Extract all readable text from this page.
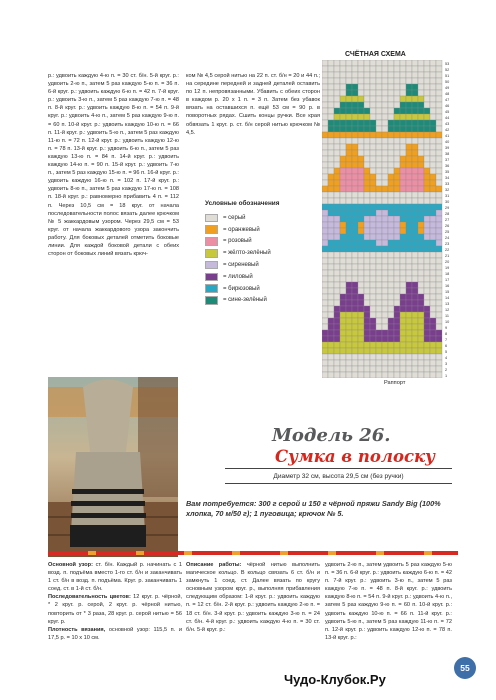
р.: удвоить каждую 4-ю п. = 30 ст. б/н. 5-й круг. р.: удвоить 2-ю п., затем 5 раз каждую 5-ю п. = 36 п. 6-й круг. р.: удвоить каждую 6-ю п. = 42 п. 7-й круг. р.: удвоить 3-ю п., затем 5 раз каждую 7-ю п. = 48 п. 8-й круг. р.: удвоить каждую 8-ю п. = 54 п. 9-й круг. р.: удвоить 4-ю п., затем 5 раз каждую 9-ю п. = 60 п. 10-й круг. р.: удвоить каждую 10-ю п. = 66 п. 11-й круг. р.: удвоить 5-ю п., затем 5 раз каждую 11-ю п. = 72 п. 12-й круг. р.: удвоить каждую 12-ю п. = 78 п. 13-й круг. р.: удвоить 6-ю п., затем 5 раз каждую 13-ю п. = 84 п. 14-й круг. р.: удвоить каждую 14-ю п. = 90 п. 15-й круг. р.: удвоить 7-ю п., затем 5 раз каждую 15-ю п. = 96 п. 16-й круг. р.: удвоить каждую 16-ю п. = 102 п. 17-й круг. р.: удвоить 8-ю п., затем 5 раз каждую 17-ю п. = 108 п. 18-й круг. р.: равномерно прибавить 4 п. = 112 п. Через 10,5 см = 18 круг. от начала последовательности полос вязать далее крючком № 5 жаккардовым узором. Через 29,5 см = 53 круг. от начала жаккардового узора закончить работу. Для боковых деталей отметить боковые линии. Для каждой боковой детали с обеих сторон от боковых линий вязать крюч-

ком № 4,5 серой нитью на 22 п. ст. б/н = 20 и 44 п.; на середине передней и задней деталей оставить по 12 п. непровязанными. Убавить с обеих сторон в каждом р. 20 х 1 п. = 3 п. Затем без убавок вязать на оставшихся п. ещё 53 см = 90 р. в поворотных рядах. Сшить концы ручки. Все края обвязать 1 круг. р. ст. б/н серой нитью крючком № 4,5.

СЧЁТНАЯ СХЕМА
53
52
51
50
49
48
47
46
45
44
43
42
41
40
39
38
37
36
35
34
33
32
31
30
29
28
27
26
25
24
23
22
21
20
19
18
17
16
15
14
13
12
11
10
9
8
7
6
5
4
3
2
1
Условные обозначения
= серый
= оранжевый
= розовый
= жёлто-зелёный
= сиреневый
= лиловый
= бирюзовый
= сине-зелёный
Раппорт
Модель 26.
Сумка в полоску
Диаметр 32 см, высота 29,5 см (без ручки)
Вам потребуется: 300 г серой и 150 г чёрной пряжи Sandy Big (100% хлопка, 70 м/50 г); 1 пуговица; крючок № 5.

Основной узор: ст. б/н. Каждый р. начинать с 1 возд. п. подъёма вместо 1-го ст. б/н и заканчивать 1 ст. б/н в возд. п. подъёма. Круг. р. заканчивать 1 соед. ст. в 1-й ст. б/н.

Последовательность цветов: 12 круг. р. чёрной, * 2 круг. р. серой, 2 круг. р. чёрной нитью, повторить от * 3 раза, 28 круг. р. серой нитью = 56 круг. р.

Плотность вязания, основной узор: 115,5 п. и 17,5 р. = 10 х 10 см.

Описание работы: чёрной нитью выполнить магическое кольцо. В кольцо связать 6 ст. б/н и замкнуть 1 соед. ст. Далее вязать по кругу основным узором круг. р., выполняя прибавления следующим образом: 1-й круг. р.: удвоить каждую п. = 12 ст. б/н. 2-й круг. р.: удвоить каждую 2-ю п. = 18 ст. б/н. 3-й круг. р.: удвоить каждую 3-ю п. = 24 ст. б/н. 4-й круг. р.: удвоить каждую 4-ю п. = 30 ст. б/н. 5-й круг. р.:

удвоить 2-ю п., затем удвоить 5 раз каждую 5-ю п. = 36 п. 6-й круг. р.: удвоить каждую 6-ю п. = 42 п. 7-й круг. р.: удвоить 3-ю п., затем 5 раз каждую 7-ю п. = 48 п. 8-й круг. р.: удвоить каждую 8-ю п. = 54 п. 9-й круг. р.: удвоить 4-ю п., затем 5 раз каждую 9-ю п. = 60 п. 10-й круг. р.: удвоить каждую 10-ю п. = 66 п. 11-й круг. р.: удвоить 5-ю п., затем 5 раз каждую 11-ю п. = 72 п. 12-й круг. р.: удвоить каждую 12-ю п. = 78 п. 13-й круг. р.:

55
Чудо-Клубок.Ру
